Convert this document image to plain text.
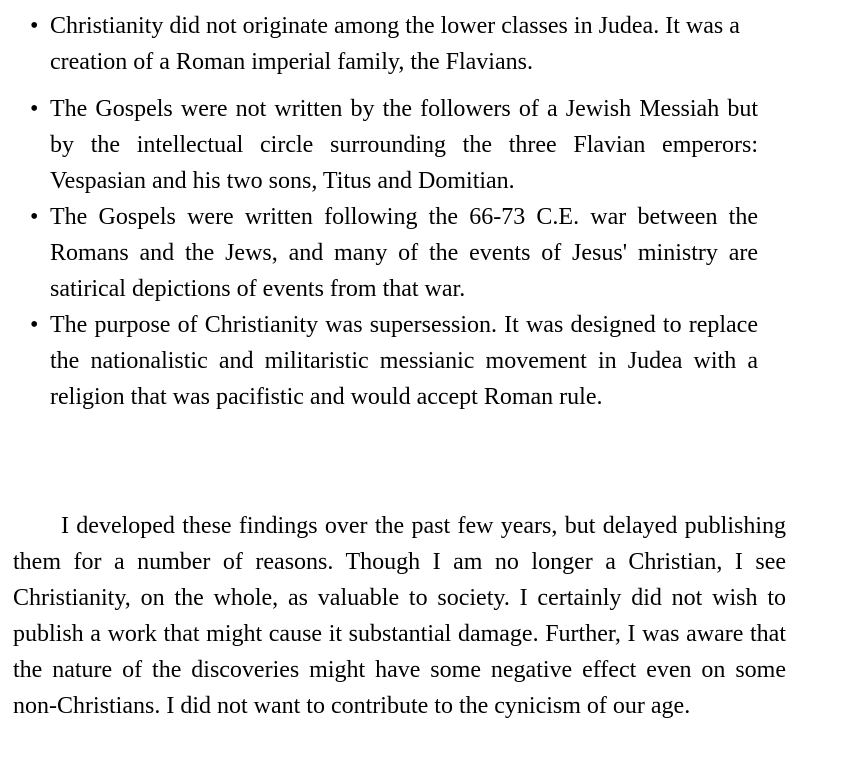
• Christianity did not originate among the lower classes in Judea. It was a creation of a Roman imperial family, the Flavians.
• The Gospels were not written by the followers of a Jewish Messiah but by the intellectual circle surrounding the three Flavian emperors: Vespasian and his two sons, Titus and Domitian.
• The Gospels were written following the 66-73 C.E. war between the Romans and the Jews, and many of the events of Jesus' ministry are satirical depictions of events from that war.
• The purpose of Christianity was supersession. It was designed to replace the nationalistic and militaristic messianic movement in Judea with a religion that was pacifistic and would accept Roman rule.

I developed these findings over the past few years, but delayed publishing them for a number of reasons. Though I am no longer a Christian, I see Christianity, on the whole, as valuable to society. I certainly did not wish to publish a work that might cause it substantial damage. Further, I was aware that the nature of the discoveries might have some negative effect even on some non-Christians. I did not want to contribute to the cynicism of our age.
